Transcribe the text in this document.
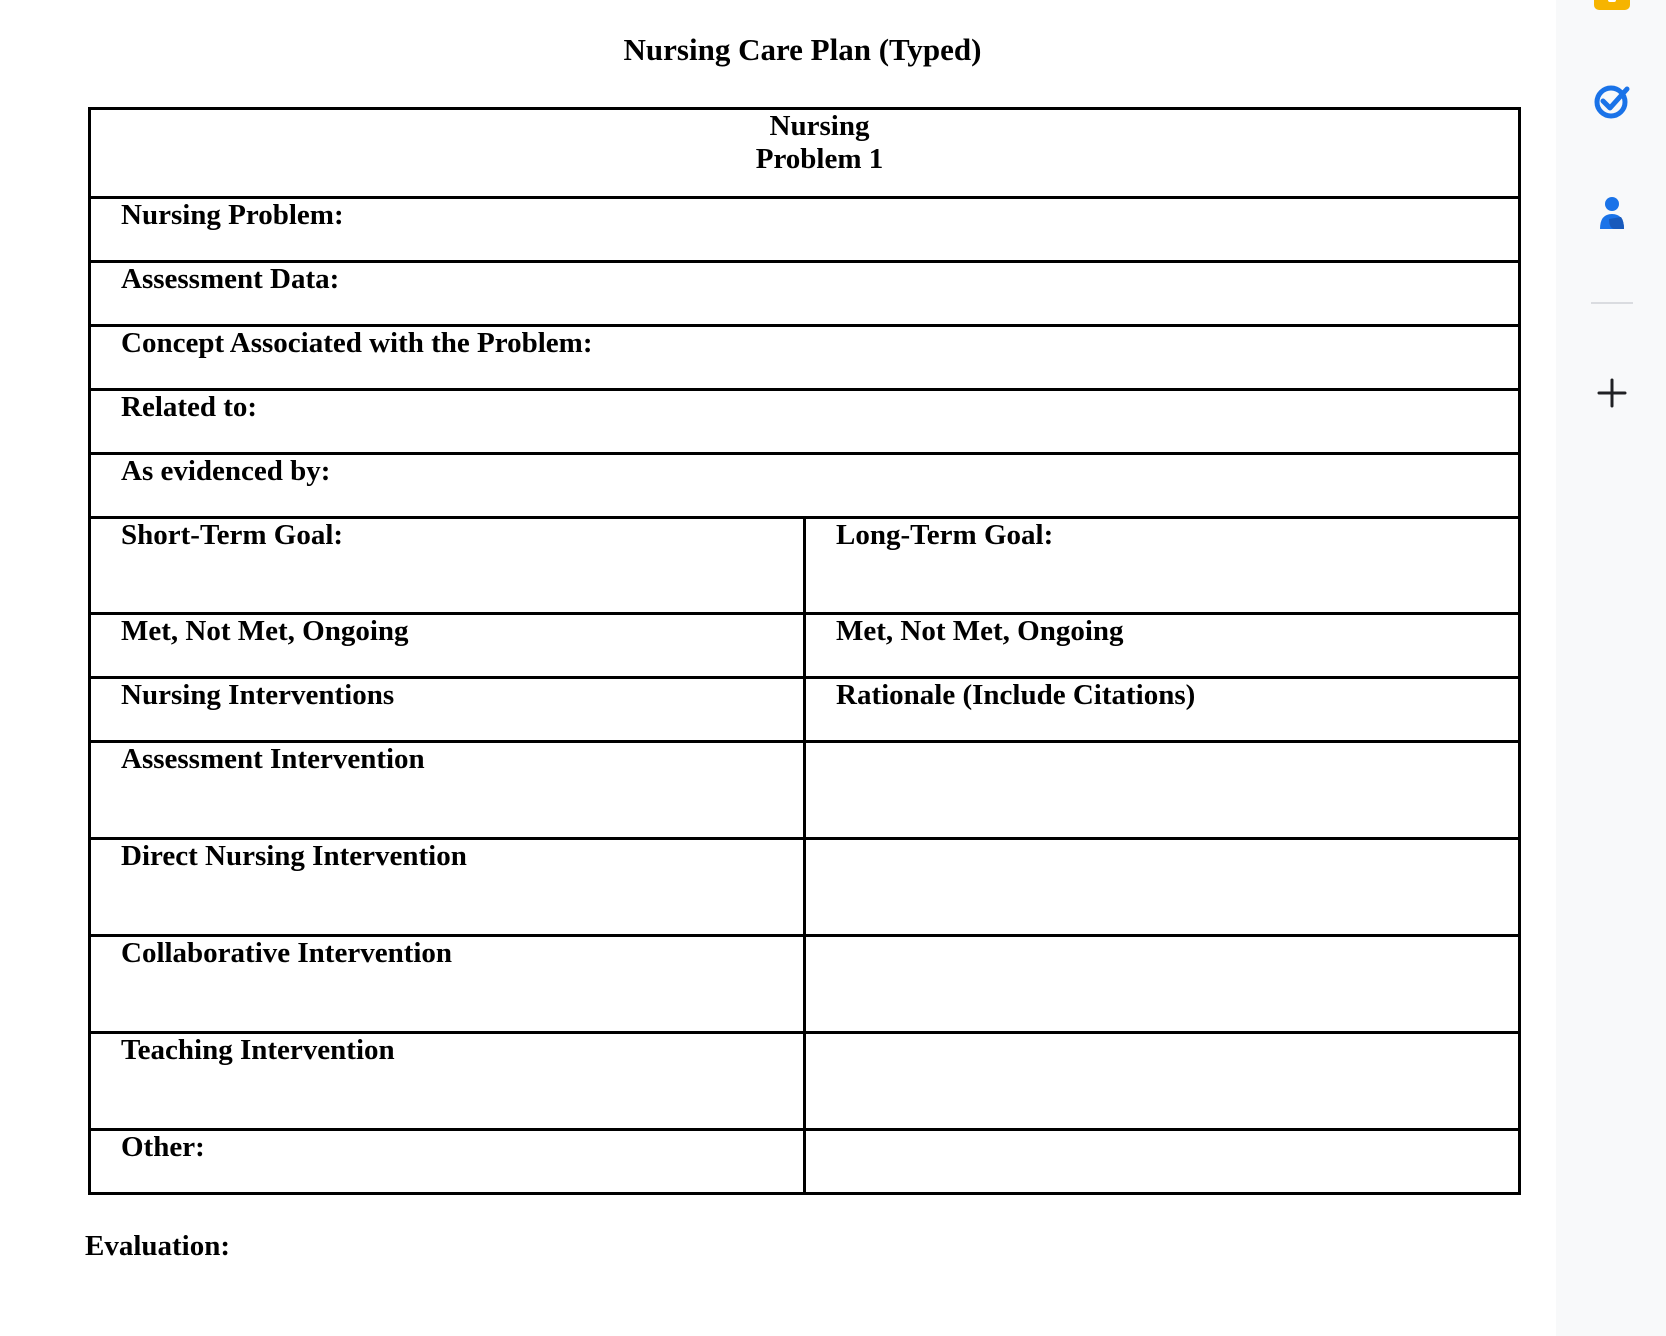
Nursing Care Plan (Typed)
Nursing
Problem 1	

Nursing Problem:	
Assessment Data:	
Concept Associated with the Problem:	
Related to:	
As evidenced by:	
Short-Term Goal:	Long-Term Goal:
Met, Not Met, Ongoing	Met, Not Met, Ongoing
Nursing Interventions	Rationale (Include Citations)
Assessment Intervention	
Direct Nursing Intervention	
Collaborative Intervention	
Teaching Intervention	
Other:	
Evaluation:
